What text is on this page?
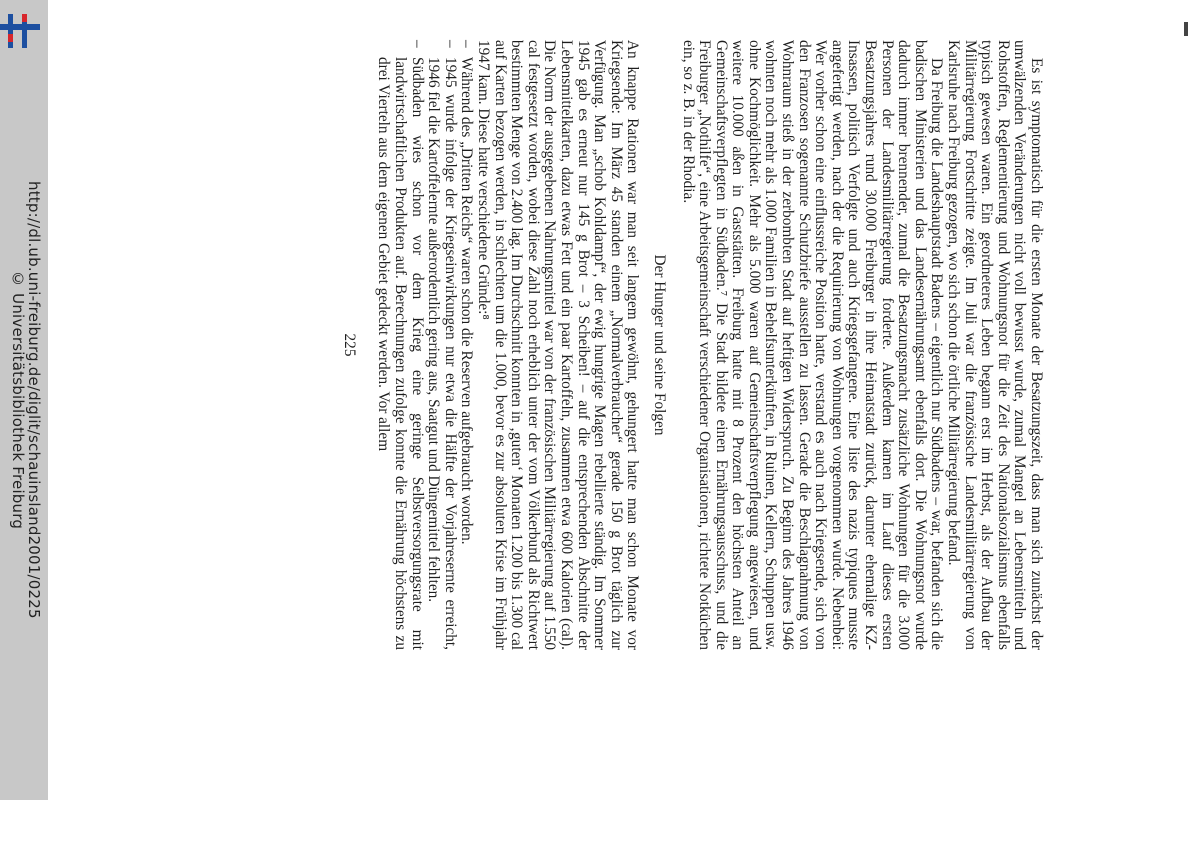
http://dl.ub.uni-freiburg.de/diglit/schauinsland2001/0225
© Universitätsbibliothek Freiburg	Es ist symptomatisch für die ersten Monate der Besatzungszeit, dass man sich zunächst der umwälzenden Veränderungen nicht voll bewusst wurde, zumal Mangel an Lebensmitteln und Rohstoffen, Reglementierung und Wohnungsnot für die Zeit des Nationalsozialismus ebenfalls typisch gewesen waren. Ein geordneteres Leben begann erst im Herbst, als der Aufbau der Militärregierung Fortschritte zeigte. Im Juli war die französische Landesmilitärregierung von Karlsruhe nach Freiburg gezogen, wo sich schon die örtliche Militärregierung befand.

Da Freiburg die Landeshauptstadt Badens – eigentlich nur Südbadens – war, befanden sich die badischen Ministerien und das Landesernährungsamt ebenfalls dort. Die Wohnungsnot wurde dadurch immer brennender, zumal die Besatzungsmacht zusätzliche Wohnungen für die 3.000 Personen der Landesmilitärregierung forderte. Außerdem kamen im Lauf dieses ersten Besatzungsjahres rund 30.000 Freiburger in ihre Heimatstadt zurück, darunter ehemalige KZ-Insassen, politisch Verfolgte und auch Kriegsgefangene. Eine liste des nazis typiques musste angefertigt werden, nach der die Requirierung von Wohnungen vorgenommen wurde. Nebenbei: Wer vorher schon eine einflussreiche Position hatte, verstand es auch nach Kriegsende, sich von den Franzosen sogenannte Schutzbriefe ausstellen zu lassen. Gerade die Beschlagnahmung von Wohnraum stieß in der zerbombten Stadt auf heftigen Widerspruch. Zu Beginn des Jahres 1946 wohnten noch mehr als 1.000 Familien in Behelfsunterkünften, in Ruinen, Kellern, Schuppen usw. ohne Kochmöglichkeit. Mehr als 5.000 waren auf Gemeinschaftsverpflegung angewiesen, und weitere 10.000 aßen in Gaststätten. Freiburg hatte mit 8 Prozent den höchsten Anteil an Gemeinschaftsverpflegten in Südbaden.⁷ Die Stadt bildete einen Ernährungsausschuss, und die Freiburger „Nothilfe“, eine Arbeitsgemeinschaft verschiedener Organisationen, richtete Notküchen ein, so z. B. in der Rhodia.

Der Hunger und seine Folgen

An knappe Rationen war man seit langem gewöhnt, gehungert hatte man schon Monate vor Kriegsende: Im März 45 standen einem „Normalverbraucher“ gerade 150 g Brot täglich zur Verfügung. Man „schob Kohldampf“, der ewig hungrige Magen rebellierte ständig. Im Sommer 1945 gab es erneut nur 145 g Brot – 3 Scheiben! – auf die entsprechenden Abschnitte der Lebensmittelkarten, dazu etwas Fett und ein paar Kartoffeln, zusammen etwa 600 Kalorien (cal). Die Norm der ausgegebenen Nahrungsmittel war von der französischen Militärregierung auf 1.550 cal festgesetzt worden, wobei diese Zahl noch erheblich unter der vom Völkerbund als Richtwert bestimmten Menge von 2.400 lag. Im Durchschnitt konnten in ‚guten‘ Monaten 1.200 bis 1.300 cal auf Karten bezogen werden, in schlechten um die 1.000, bevor es zur absoluten Krise im Frühjahr 1947 kam. Diese hatte verschiedene Gründe:⁸

– Während des „Dritten Reichs“ waren schon die Reserven aufgebraucht worden.
– 1945 wurde infolge der Kriegseinwirkungen nur etwa die Hälfte der Vorjahresernte erreicht, 1946 fiel die Kartoffelernte außerordentlich gering aus, Saatgut und Düngemittel fehlten.
– Südbaden wies schon vor dem Krieg eine geringe Selbstversorgungsrate mit landwirtschaftlichen Produkten auf. Berechnungen zufolge konnte die Ernährung höchstens zu drei Vierteln aus dem eigenen Gebiet gedeckt werden. Vor allem
225
